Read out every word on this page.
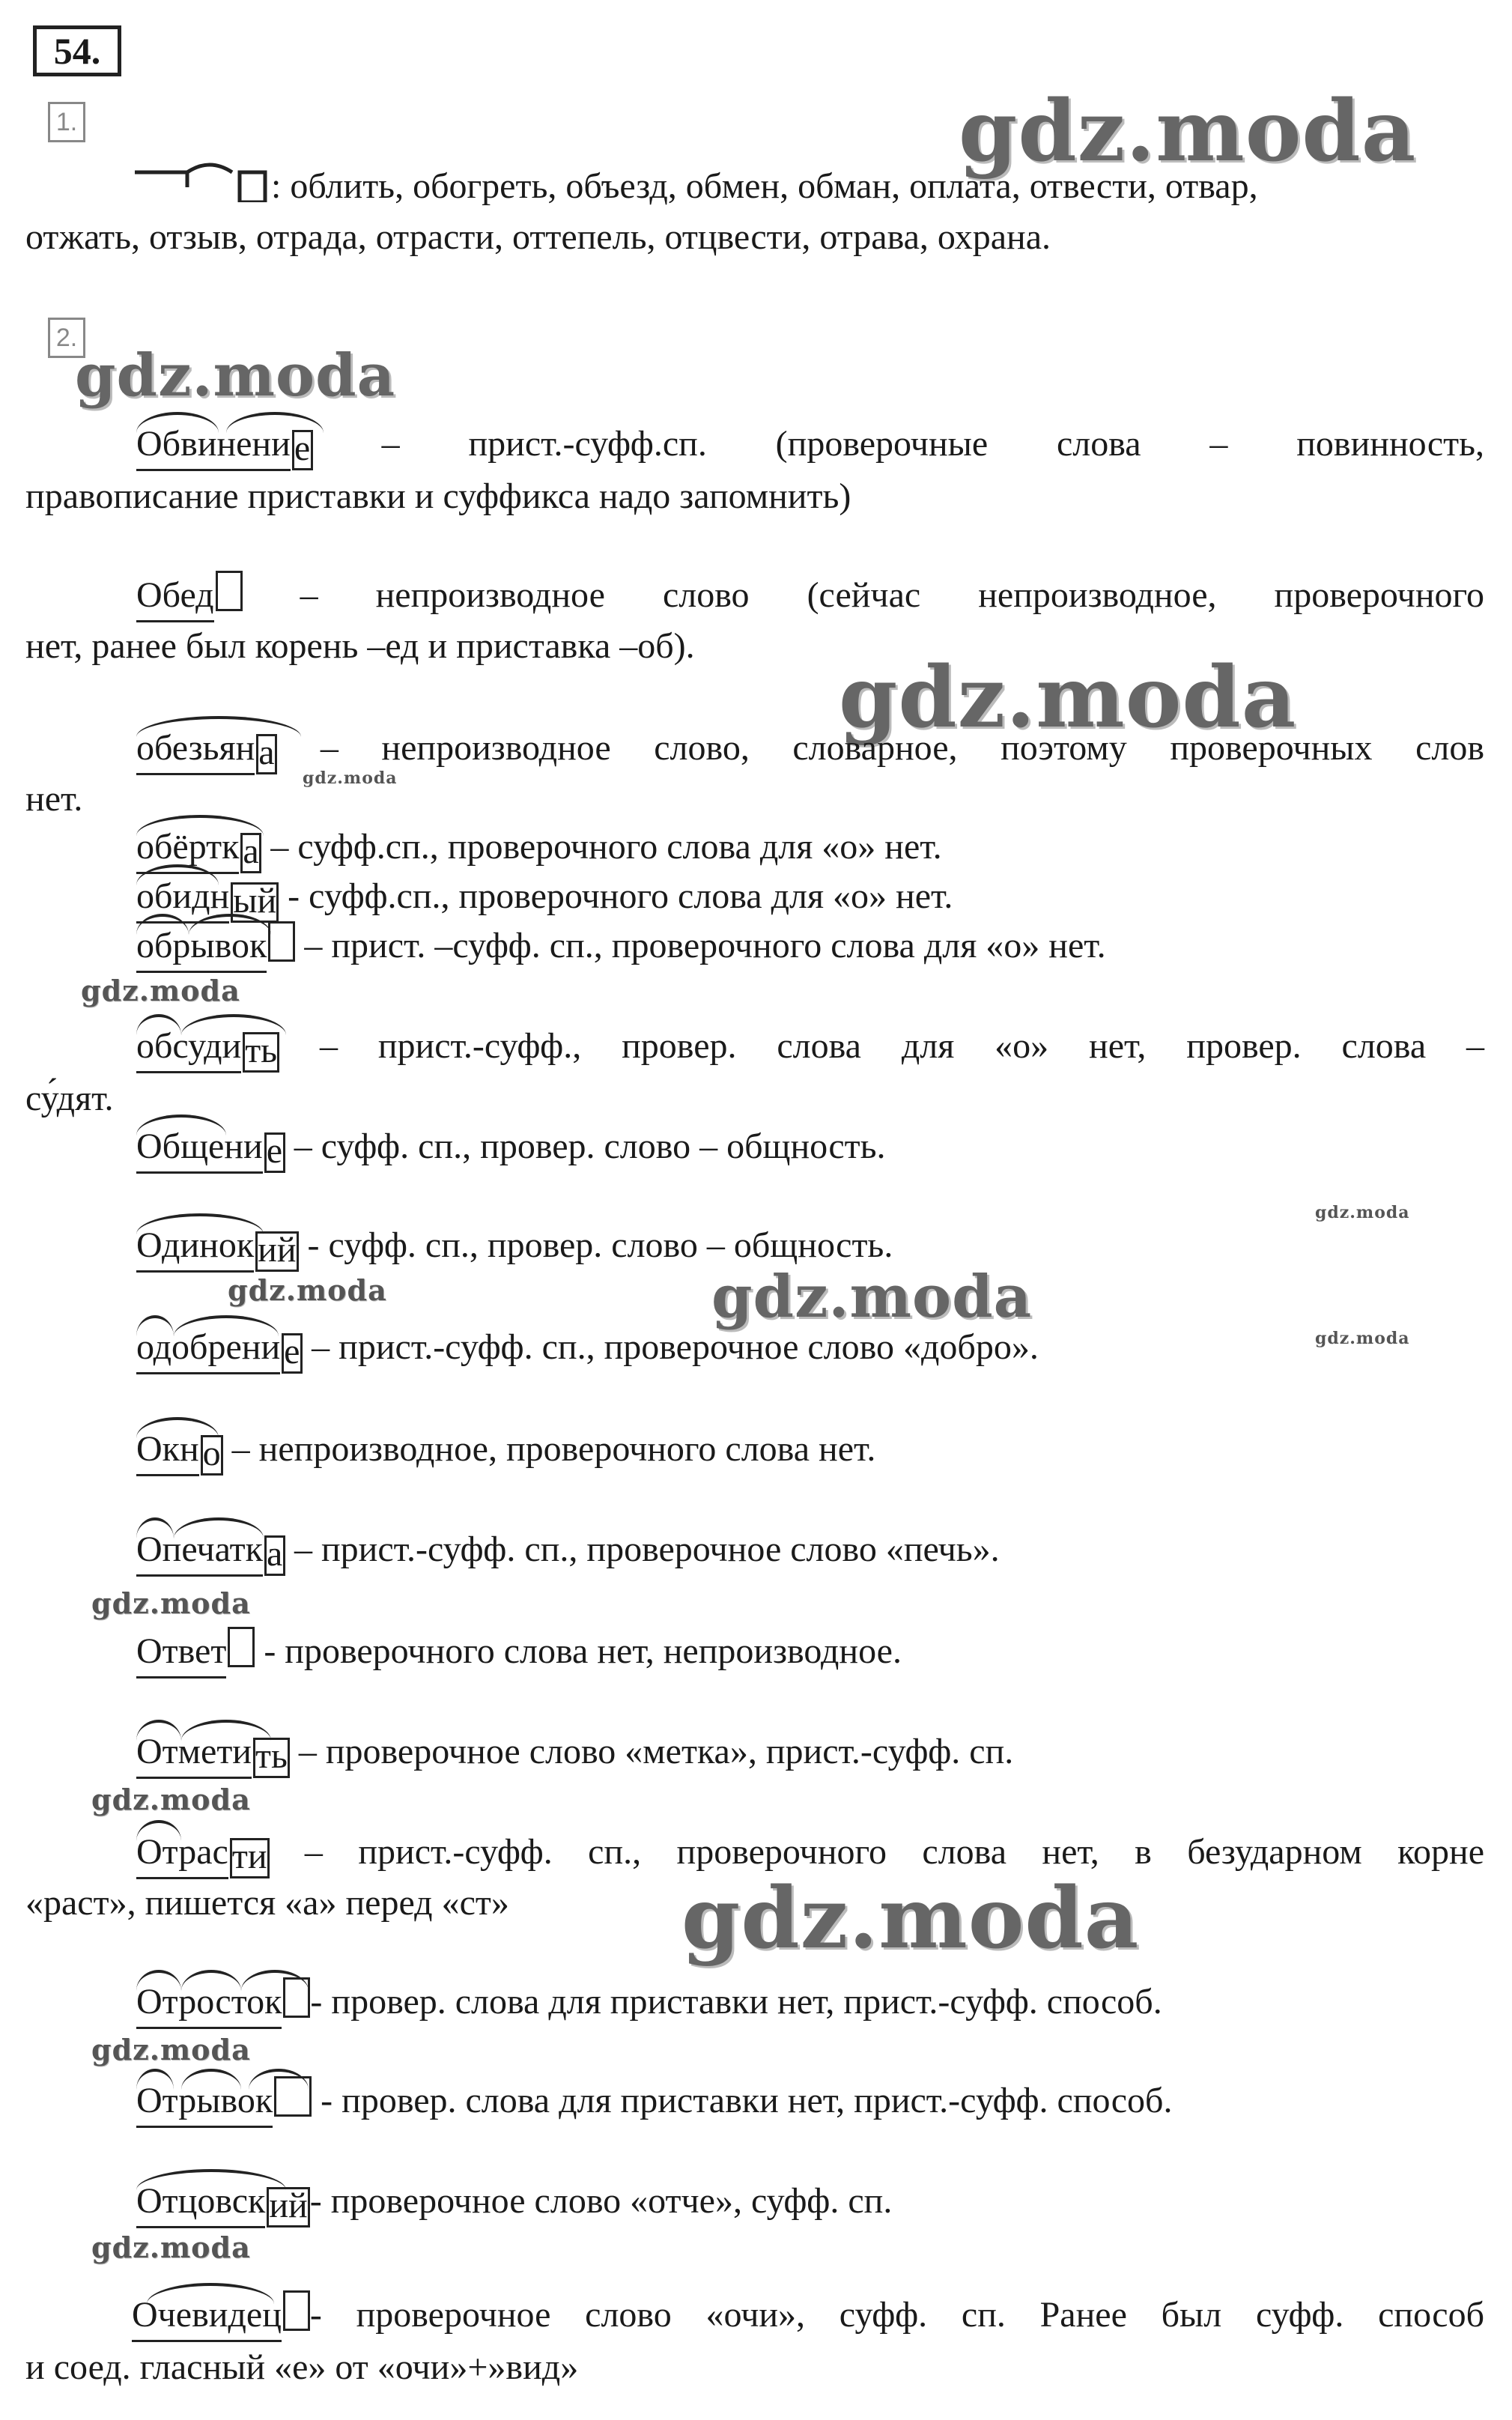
54.
1.	gdz.moda
: облить, обогреть, объезд, обмен, обман, оплата, отвести, отвар,
отжать, отзыв, отрада, отрасти, оттепель, отцвести, отрава, охрана.
2.
gdz.moda
Обвинени е – прист.-суфф.сп. (проверочные слова – повинность,
правописание приставки и суффикса надо запомнить)
Обед – непроизводное слово (сейчас непроизводное, проверочного
нет, ранее был корень –ед и приставка –об).
gdz.moda
обезьян а – непроизводное слово, словарное, поэтому проверочных слов
gdz.moda
нет.
обёртк а – суфф.сп., проверочного слова для «о» нет.
обидн ый - суфф.сп., проверочного слова для «о» нет.
обрывок – прист. –суфф. сп., проверочного слова для «о» нет.
gdz.moda
обсуди ть – прист.-суфф., провер. слова для «о» нет, провер. слова –
су́дят.
Общени е – суфф. сп., провер. слово – общность.
gdz.moda
Одинок ий - суфф. сп., провер. слово – общность.
gdz.moda	gdz.moda
gdz.moda
одобрени е – прист.-суфф. сп., проверочное слово «добро».
Окн о – непроизводное, проверочного слова нет.
Опечатк а – прист.-суфф. сп., проверочное слово «печь».
gdz.moda
Ответ - проверочного слова нет, непроизводное.
Отмети ть – проверочное слово «метка», прист.-суфф. сп.
gdz.moda
Отрас ти – прист.-суфф. сп., проверочного слова нет, в безударном корне
«раст», пишется «а» перед «ст» gdz.moda
Отросток - провер. слова для приставки нет, прист.-суфф. способ.
gdz.moda
Отрывок - провер. слова для приставки нет, прист.-суфф. способ.
Отцовск ий- проверочное слово «отче», суфф. сп.
gdz.moda
Очевидец - проверочное слово «очи», суфф. сп. Ранее был суфф. способ
и соед. гласный «е» от «очи»+»вид»
